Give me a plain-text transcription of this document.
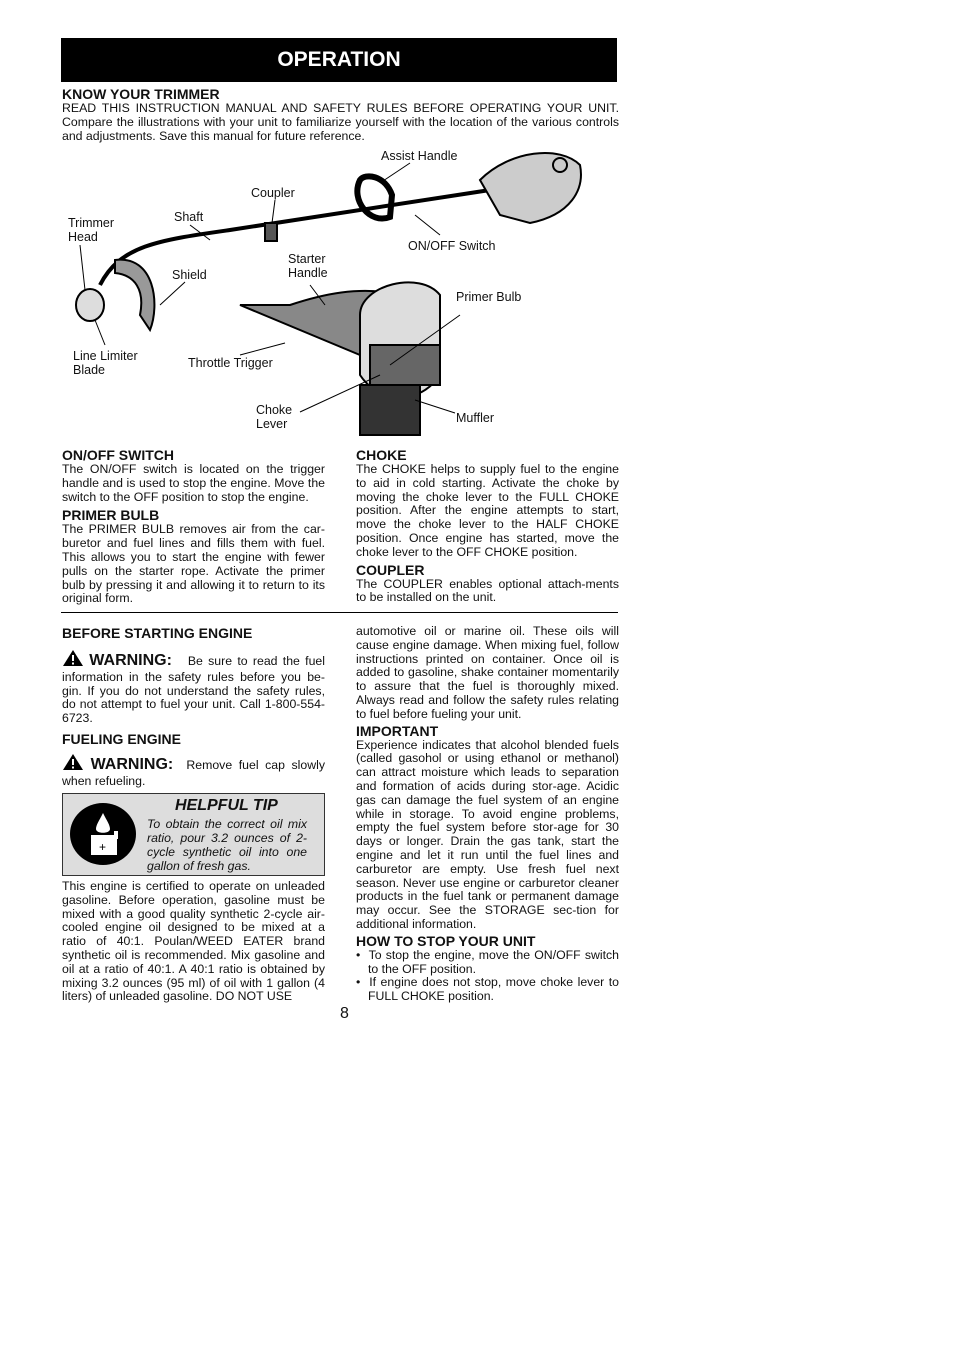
OPERATION

KNOW YOUR TRIMMER

READ THIS INSTRUCTION MANUAL AND SAFETY RULES BEFORE OPERATING YOUR UNIT. Compare the illustrations with your unit to familiarize yourself with the location of the various controls and adjustments. Save this manual for future reference.

Assist Handle
Coupler
Shaft
Trimmer
Head
ON/OFF Switch
Starter
Handle
Shield
Primer Bulb
Line Limiter
Blade	Throttle Trigger
Choke
Lever	Muffler

ON/OFF SWITCH

The ON/OFF switch is located on the trigger handle and is used to stop the engine. Move the switch to the OFF position to stop the engine.

PRIMER BULB

The PRIMER BULB removes air from the car-buretor and fuel lines and fills them with fuel. This allows you to start the engine with fewer pulls on the starter rope. Activate the primer bulb by pressing it and allowing it to return to its original form.

CHOKE

The CHOKE helps to supply fuel to the engine to aid in cold starting. Activate the choke by moving the choke lever to the FULL CHOKE position. After the engine attempts to start, move the choke lever to the HALF CHOKE position. Once engine has started, move the choke lever to the OFF CHOKE position.

COUPLER

The COUPLER enables optional attach-ments to be installed on the unit.

BEFORE STARTING ENGINE

WARNING: Be sure to read the fuel information in the safety rules before you be-gin. If you do not understand the safety rules, do not attempt to fuel your unit. Call 1-800-554-6723.

FUELING ENGINE

WARNING: Remove fuel cap slowly when refueling.

+
HELPFUL TIP
To obtain the correct oil mix ratio, pour 3.2 ounces of 2-cycle synthetic oil into one gallon of fresh gas.

This engine is certified to operate on unleaded gasoline. Before operation, gasoline must be mixed with a good quality synthetic 2-cycle air-cooled engine oil designed to be mixed at a ratio of 40:1. Poulan/WEED EATER brand synthetic oil is recommended. Mix gasoline and oil at a ratio of 40:1. A 40:1 ratio is obtained by mixing 3.2 ounces (95 ml) of oil with 1 gallon (4 liters) of unleaded gasoline. DO NOT USE

automotive oil or marine oil. These oils will cause engine damage. When mixing fuel, follow instructions printed on container. Once oil is added to gasoline, shake container momentarily to assure that the fuel is thoroughly mixed. Always read and follow the safety rules relating to fuel before fueling your unit.

IMPORTANT

Experience indicates that alcohol blended fuels (called gasohol or using ethanol or methanol) can attract moisture which leads to separation and formation of acids during stor-age. Acidic gas can damage the fuel system of an engine while in storage. To avoid engine problems, empty the fuel system before stor-age for 30 days or longer. Drain the gas tank, start the engine and let it run until the fuel lines and carburetor are empty. Use fresh fuel next season. Never use engine or carburetor cleaner products in the fuel tank or permanent damage may occur. See the STORAGE sec-tion for additional information.

HOW TO STOP YOUR UNIT

•  To stop the engine, move the ON/OFF switch to the OFF position.

•  If engine does not stop, move choke lever to FULL CHOKE position.

8
